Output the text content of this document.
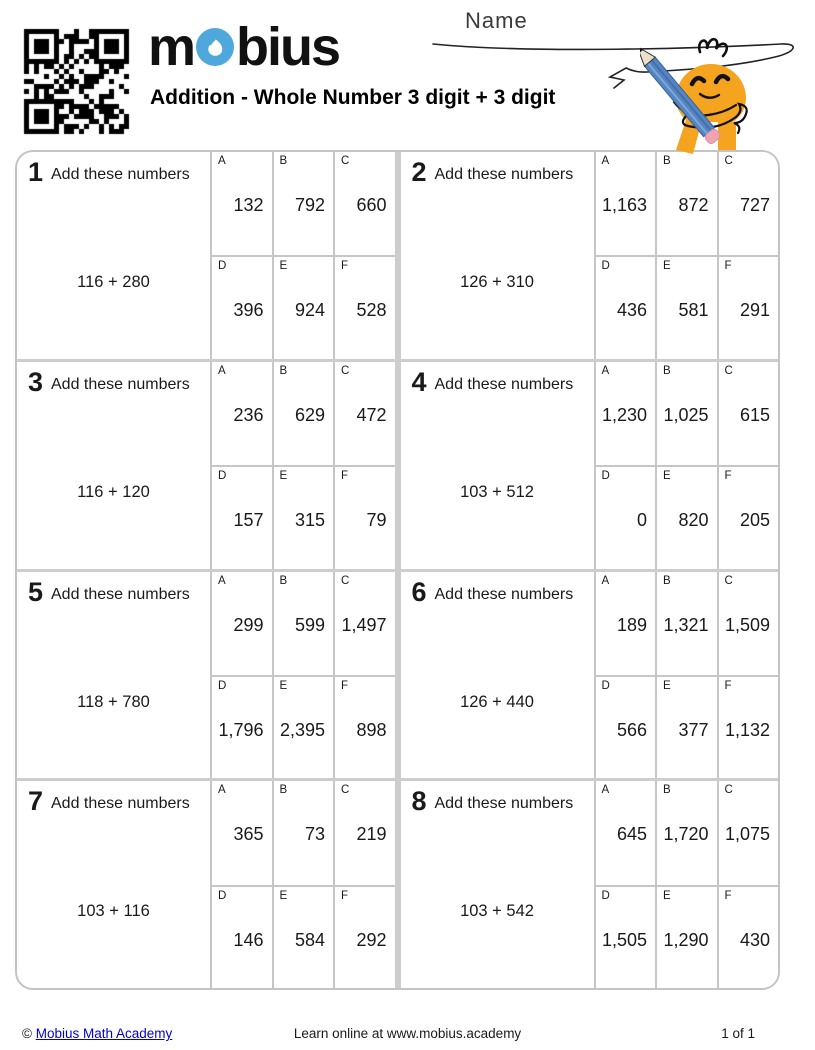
m bius
Addition - Whole Number 3 digit + 3 digit
Name
1 Add these numbers
116 + 280
A
132
B
792
C
660
D
396
E
924
F
528
2 Add these numbers
126 + 310
A
1,163
B
872
C
727
D
436
E
581
F
291
3 Add these numbers
116 + 120
A
236
B
629
C
472
D
157
E
315
F
79
4 Add these numbers
103 + 512
A
1,230
B
1,025
C
615
D
0
E
820
F
205
5 Add these numbers
118 + 780
A
299
B
599
C
1,497
D
1,796
E
2,395
F
898
6 Add these numbers
126 + 440
A
189
B
1,321
C
1,509
D
566
E
377
F
1,132
7 Add these numbers
103 + 116
A
365
B
73
C
219
D
146
E
584
F
292
8 Add these numbers
103 + 542
A
645
B
1,720
C
1,075
D
1,505
E
1,290
F
430
Learn online at www.mobius.academy
© Mobius Math Academy	1 of 1
